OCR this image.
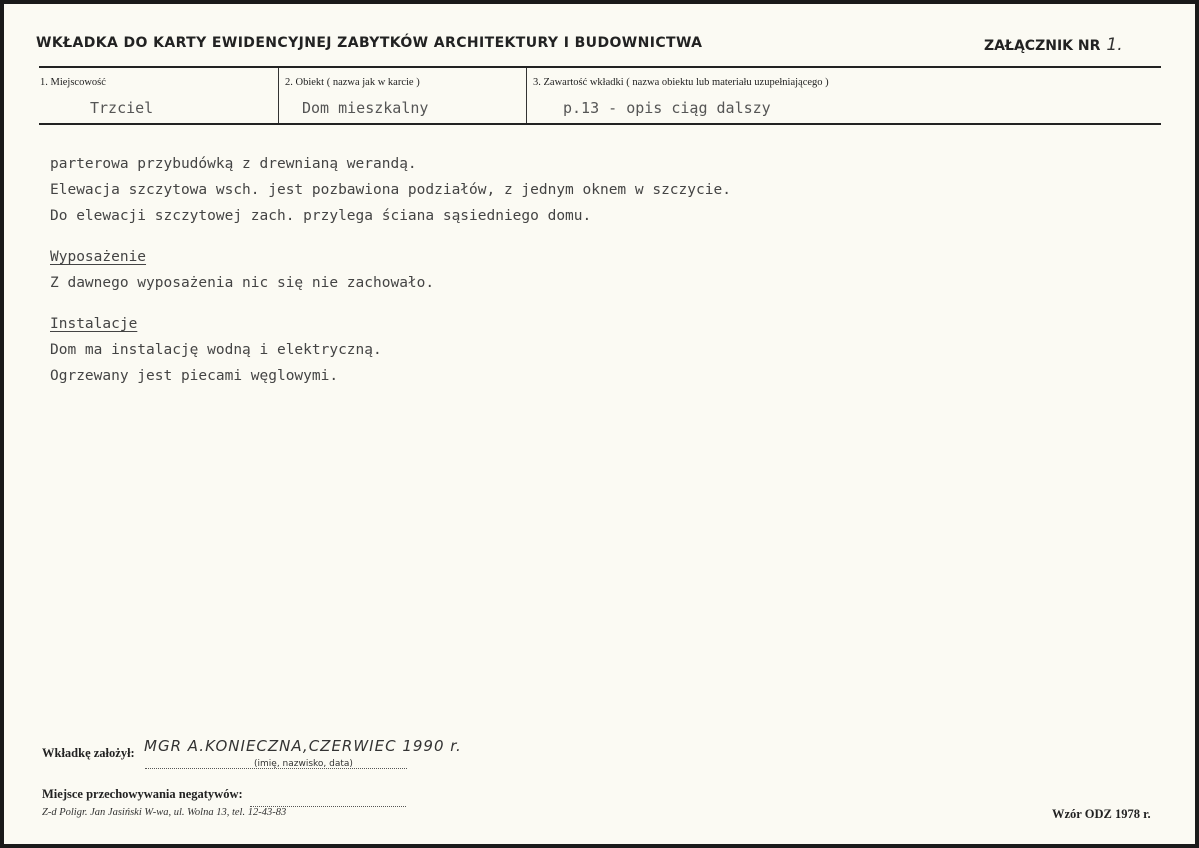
WKŁADKA DO KARTY EWIDENCYJNEJ ZABYTKÓW ARCHITEKTURY I BUDOWNICTWA	ZAŁĄCZNIK NR 1.
1. Miejscowość
Trzciel
2. Obiekt ( nazwa jak w karcie )
Dom mieszkalny
3. Zawartość wkładki ( nazwa obiektu lub materiału uzupełniającego )
p.13 - opis ciąg dalszy
parterowa przybudówką z drewnianą werandą.
Elewacja szczytowa wsch. jest pozbawiona podziałów, z jednym oknem w szczycie.
Do elewacji szczytowej zach. przylega ściana sąsiedniego domu.
Wyposażenie
Z dawnego wyposażenia nic się nie zachowało.
Instalacje
Dom ma instalację wodną i elektryczną.
Ogrzewany jest piecami węglowymi.
Wkładkę założył: MGR A.KONIECZNA,CZERWIEC 1990 r.
(imię, nazwisko, data)
Miejsce przechowywania negatywów:
Z-d Poligr. Jan Jasiński W-wa, ul. Wolna 13, tel. 12-43-83	Wzór ODZ 1978 r.
